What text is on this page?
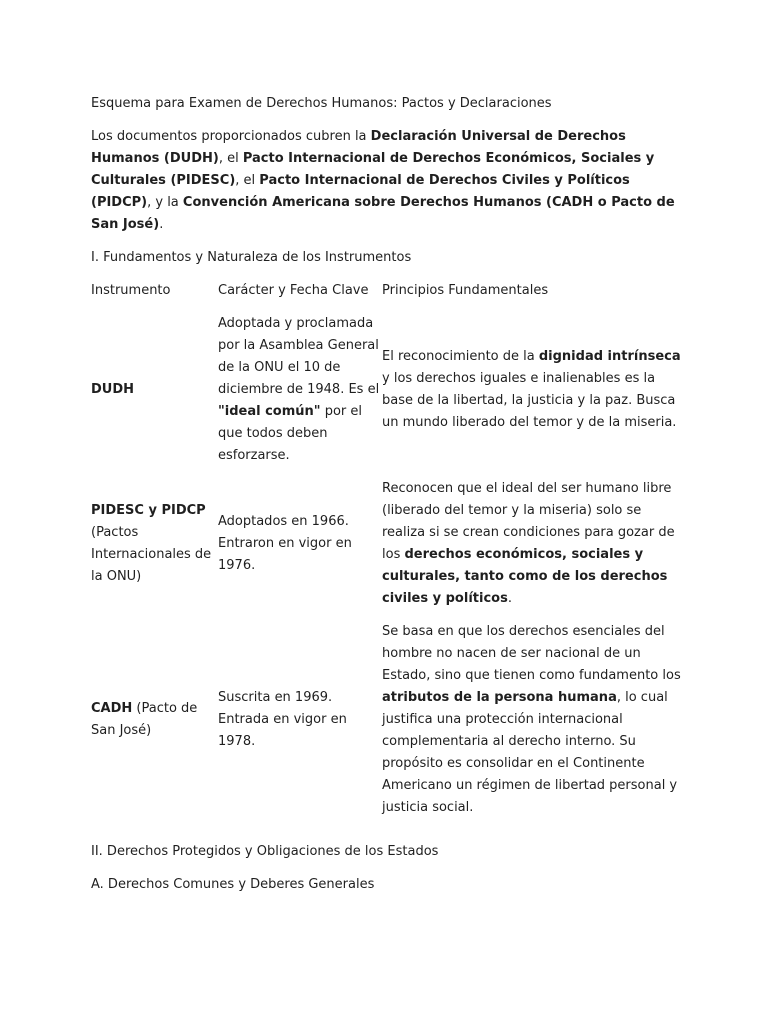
Esquema para Examen de Derechos Humanos: Pactos y Declaraciones

Los documentos proporcionados cubren la Declaración Universal de Derechos Humanos (DUDH), el Pacto Internacional de Derechos Económicos, Sociales y Culturales (PIDESC), el Pacto Internacional de Derechos Civiles y Políticos (PIDCP), y la Convención Americana sobre Derechos Humanos (CADH o Pacto de San José).

I. Fundamentos y Naturaleza de los Instrumentos

Instrumento	Carácter y Fecha Clave	Principios Fundamentales
DUDH	Adoptada y proclamada por la Asamblea General de la ONU el 10 de diciembre de 1948. Es el "ideal común" por el que todos deben esforzarse.	El reconocimiento de la dignidad intrínseca y los derechos iguales e inalienables es la base de la libertad, la justicia y la paz. Busca un mundo liberado del temor y de la miseria.
PIDESC y PIDCP (Pactos Internacionales de la ONU)	Adoptados en 1966. Entraron en vigor en 1976.	Reconocen que el ideal del ser humano libre (liberado del temor y la miseria) solo se realiza si se crean condiciones para gozar de los derechos económicos, sociales y culturales, tanto como de los derechos civiles y políticos.
CADH (Pacto de San José)	Suscrita en 1969. Entrada en vigor en 1978.	Se basa en que los derechos esenciales del hombre no nacen de ser nacional de un Estado, sino que tienen como fundamento los atributos de la persona humana, lo cual justifica una protección internacional complementaria al derecho interno. Su propósito es consolidar en el Continente Americano un régimen de libertad personal y justicia social.

II. Derechos Protegidos y Obligaciones de los Estados

A. Derechos Comunes y Deberes Generales
